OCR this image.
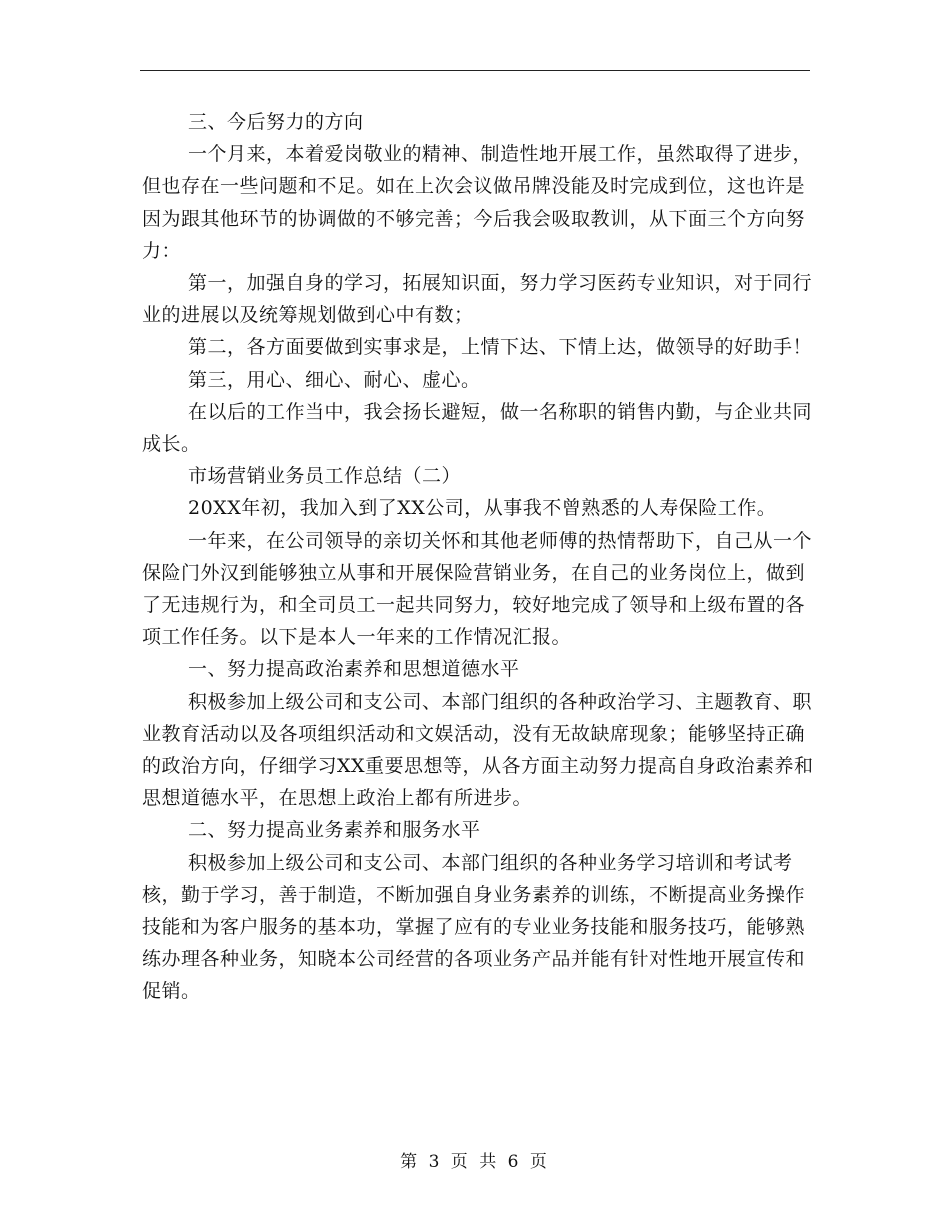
三、今后努力的方向

一个月来，本着爱岗敬业的精神、制造性地开展工作，虽然取得了进步，但也存在一些问题和不足。如在上次会议做吊牌没能及时完成到位，这也许是因为跟其他环节的协调做的不够完善；今后我会吸取教训，从下面三个方向努力：

第一，加强自身的学习，拓展知识面，努力学习医药专业知识，对于同行业的进展以及统筹规划做到心中有数；

第二，各方面要做到实事求是，上情下达、下情上达，做领导的好助手！

第三，用心、细心、耐心、虚心。

在以后的工作当中，我会扬长避短，做一名称职的销售内勤，与企业共同成长。

市场营销业务员工作总结（二）

20XX年初，我加入到了XX公司，从事我不曾熟悉的人寿保险工作。

一年来，在公司领导的亲切关怀和其他老师傅的热情帮助下，自己从一个保险门外汉到能够独立从事和开展保险营销业务，在自己的业务岗位上，做到了无违规行为，和全司员工一起共同努力，较好地完成了领导和上级布置的各项工作任务。以下是本人一年来的工作情况汇报。

一、努力提高政治素养和思想道德水平

积极参加上级公司和支公司、本部门组织的各种政治学习、主题教育、职业教育活动以及各项组织活动和文娱活动，没有无故缺席现象；能够坚持正确的政治方向，仔细学习XX重要思想等，从各方面主动努力提高自身政治素养和思想道德水平，在思想上政治上都有所进步。

二、努力提高业务素养和服务水平

积极参加上级公司和支公司、本部门组织的各种业务学习培训和考试考核，勤于学习，善于制造，不断加强自身业务素养的训练，不断提高业务操作技能和为客户服务的基本功，掌握了应有的专业业务技能和服务技巧，能够熟练办理各种业务，知晓本公司经营的各项业务产品并能有针对性地开展宣传和促销。

第 3 页 共 6 页
